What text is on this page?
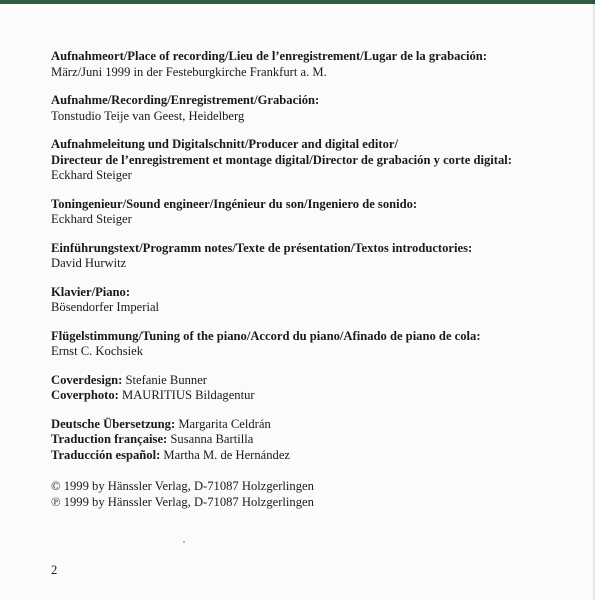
Aufnahmeort/Place of recording/Lieu de l’enregistrement/Lugar de la grabación:
März/Juni 1999 in der Festeburgkirche Frankfurt a. M.
Aufnahme/Recording/Enregistrement/Grabación:
Tonstudio Teije van Geest, Heidelberg
Aufnahmeleitung und Digitalschnitt/Producer and digital editor/
Directeur de l’enregistrement et montage digital/Director de grabación y corte digital:
Eckhard Steiger
Toningenieur/Sound engineer/Ingénieur du son/Ingeniero de sonido:
Eckhard Steiger
Einführungstext/Programm notes/Texte de présentation/Textos introductories:
David Hurwitz
Klavier/Piano:
Bösendorfer Imperial
Flügelstimmung/Tuning of the piano/Accord du piano/Afinado de piano de cola:
Ernst C. Kochsiek
Coverdesign: Stefanie Bunner
Coverphoto: MAURITIUS Bildagentur
Deutsche Übersetzung: Margarita Celdrán
Traduction française: Susanna Bartilla
Traducción español: Martha M. de Hernández
© 1999 by Hänssler Verlag, D-71087 Holzgerlingen
℗ 1999 by Hänssler Verlag, D-71087 Holzgerlingen
2
